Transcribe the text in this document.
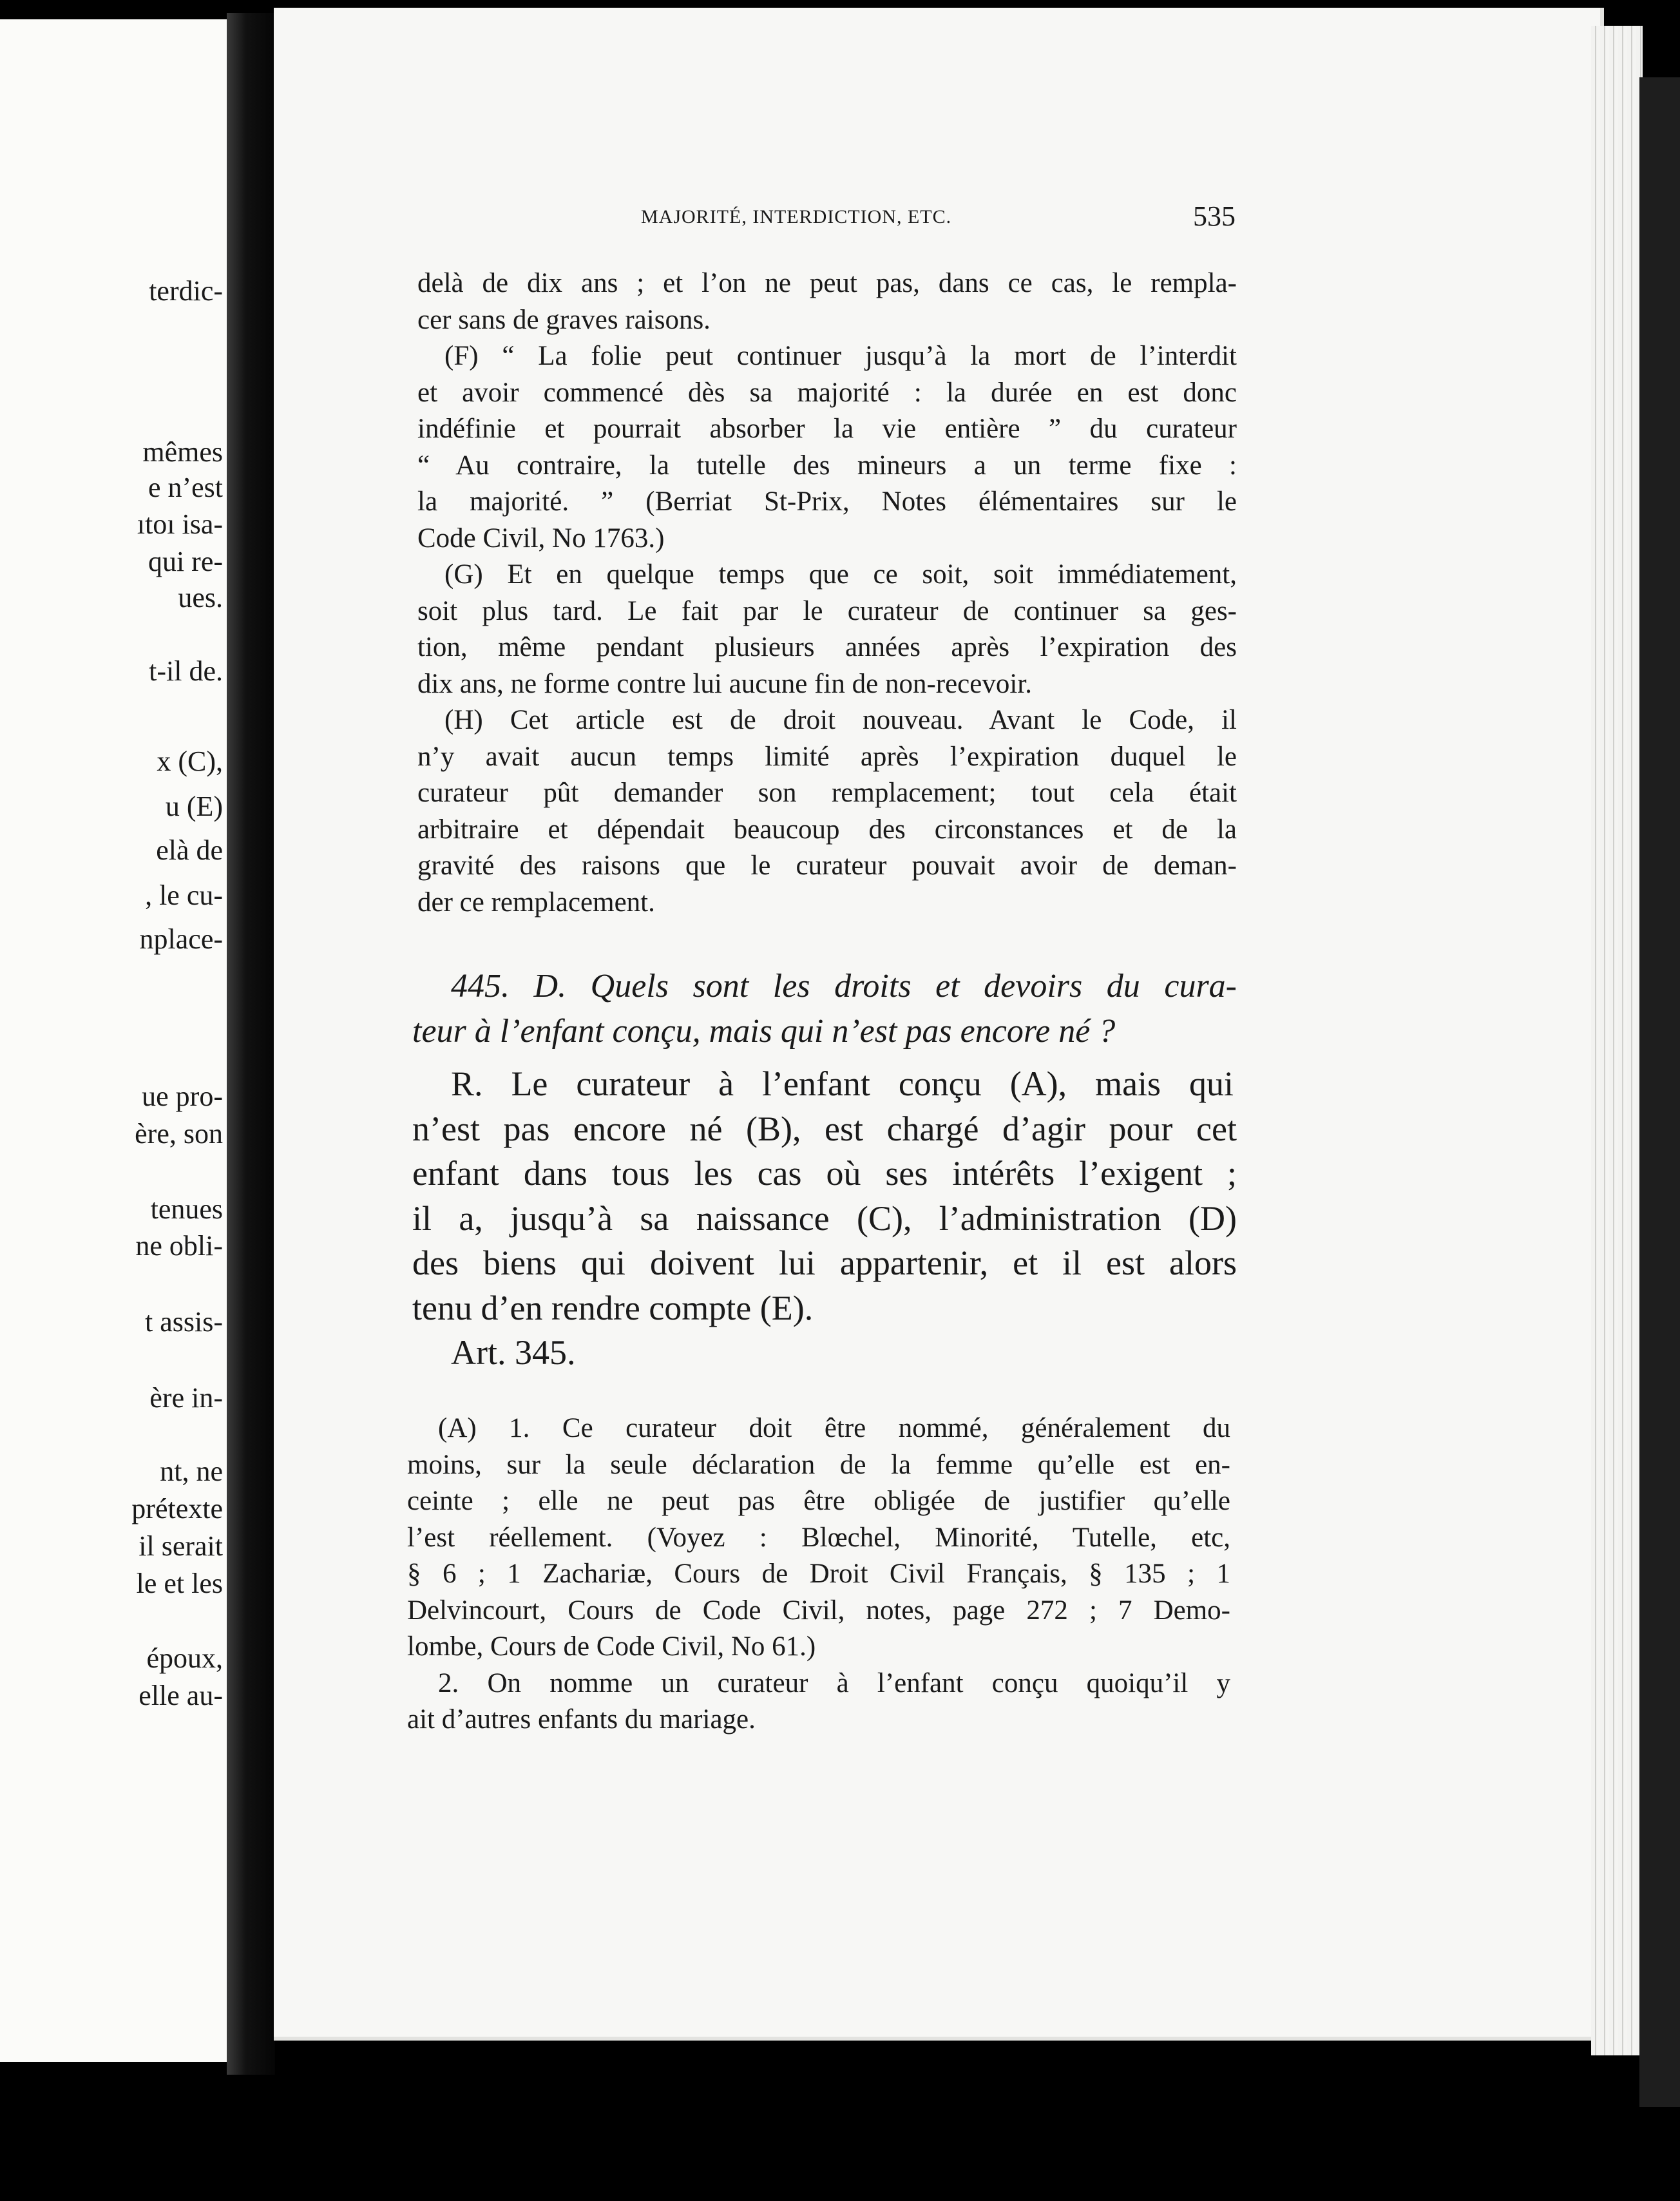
terdic-
mêmes
e n’est
ıtoı isa-
qui re-
ues.
t-il de.
x (C),
u (E)
elà de
, le cu-
nplace-
ue pro-
ère, son
tenues
ne obli-
t assis-
ère in-
nt, ne
prétexte
il serait
le et les
époux,
elle au-
MAJORITÉ, INTERDICTION, ETC.	535
delà de dix ans ; et l’on ne peut pas, dans ce cas, le rempla-
cer sans de graves raisons.
(F) “ La folie peut continuer jusqu’à la mort de l’interdit
et avoir commencé dès sa majorité : la durée en est donc
indéfinie et pourrait absorber la vie entière ” du curateur
“ Au contraire, la tutelle des mineurs a un terme fixe :
la majorité. ” (Berriat St-Prix, Notes élémentaires sur le
Code Civil, No 1763.)
(G) Et en quelque temps que ce soit, soit immédiatement,
soit plus tard. Le fait par le curateur de continuer sa ges-
tion, même pendant plusieurs années après l’expiration des
dix ans, ne forme contre lui aucune fin de non-recevoir.
(H) Cet article est de droit nouveau. Avant le Code, il
n’y avait aucun temps limité après l’expiration duquel le
curateur pût demander son remplacement; tout cela était
arbitraire et dépendait beaucoup des circonstances et de la
gravité des raisons que le curateur pouvait avoir de deman-
der ce remplacement.
445. D. Quels sont les droits et devoirs du cura-
teur à l’enfant conçu, mais qui n’est pas encore né ?
R. Le curateur à l’enfant conçu (A), mais qui
n’est pas encore né (B), est chargé d’agir pour cet
enfant dans tous les cas où ses intérêts l’exigent ;
il a, jusqu’à sa naissance (C), l’administration (D)
des biens qui doivent lui appartenir, et il est alors
tenu d’en rendre compte (E).
Art. 345.
(A) 1. Ce curateur doit être nommé, généralement du
moins, sur la seule déclaration de la femme qu’elle est en-
ceinte ; elle ne peut pas être obligée de justifier qu’elle
l’est réellement. (Voyez : Blœchel, Minorité, Tutelle, etc,
§ 6 ; 1 Zachariæ, Cours de Droit Civil Français, § 135 ; 1
Delvincourt, Cours de Code Civil, notes, page 272 ; 7 Demo-
lombe, Cours de Code Civil, No 61.)
2. On nomme un curateur à l’enfant conçu quoiqu’il y
ait d’autres enfants du mariage.
